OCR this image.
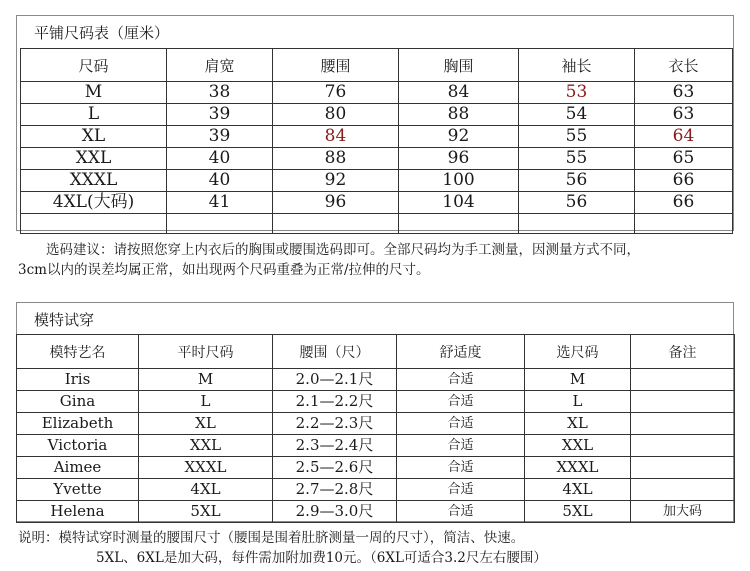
平铺尺码表（厘米）
尺码	肩宽	腰围	胸围	袖长	衣长
M	38	76	84	53	63
L	39	80	88	54	63
XL	39	84	92	55	64
XXL	40	88	96	55	65
XXXL	40	92	100	56	66
4XL(大码)	41	96	104	56	66

选码建议：请按照您穿上内衣后的胸围或腰围选码即可。全部尺码均为手工测量，因测量方式不同，
3cm以内的误差均属正常，如出现两个尺码重叠为正常/拉伸的尺寸。
模特试穿
模特艺名	平时尺码	腰围（尺）	舒适度	选尺码	备注
Iris	M	2.0—2.1尺	合适	M	
Gina	L	2.1—2.2尺	合适	L	
Elizabeth	XL	2.2—2.3尺	合适	XL	
Victoria	XXL	2.3—2.4尺	合适	XXL	
Aimee	XXXL	2.5—2.6尺	合适	XXXL	
Yvette	4XL	2.7—2.8尺	合适	4XL	
Helena	5XL	2.9—3.0尺	合适	5XL	加大码
说明：模特试穿时测量的腰围尺寸（腰围是围着肚脐测量一周的尺寸），简洁、快速。
5XL、6XL是加大码，每件需加附加费10元。（6XL可适合3.2尺左右腰围）
